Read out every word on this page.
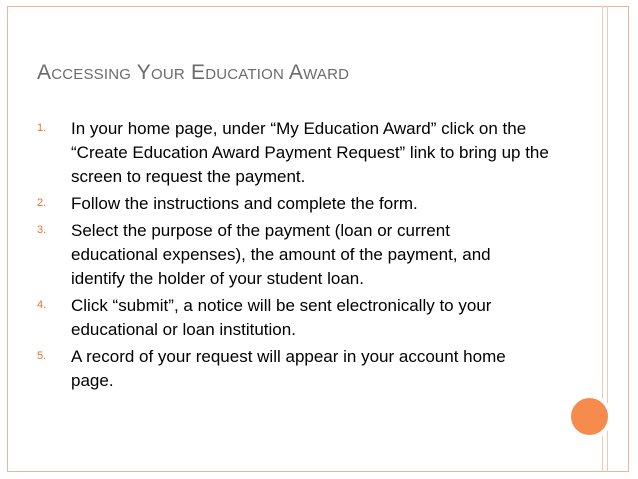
Accessing Your Education Award
1.	In your home page, under “My Education Award” click on the “Create Education Award Payment Request” link to bring up the screen to request the payment.
2.	Follow the instructions and complete the form.
3.	Select the purpose of the payment (loan or current educational expenses), the amount of the payment, and identify the holder of your student loan.
4.	Click “submit”, a notice will be sent electronically to your educational or loan institution.
5.	A record of your request will appear in your account home page.
